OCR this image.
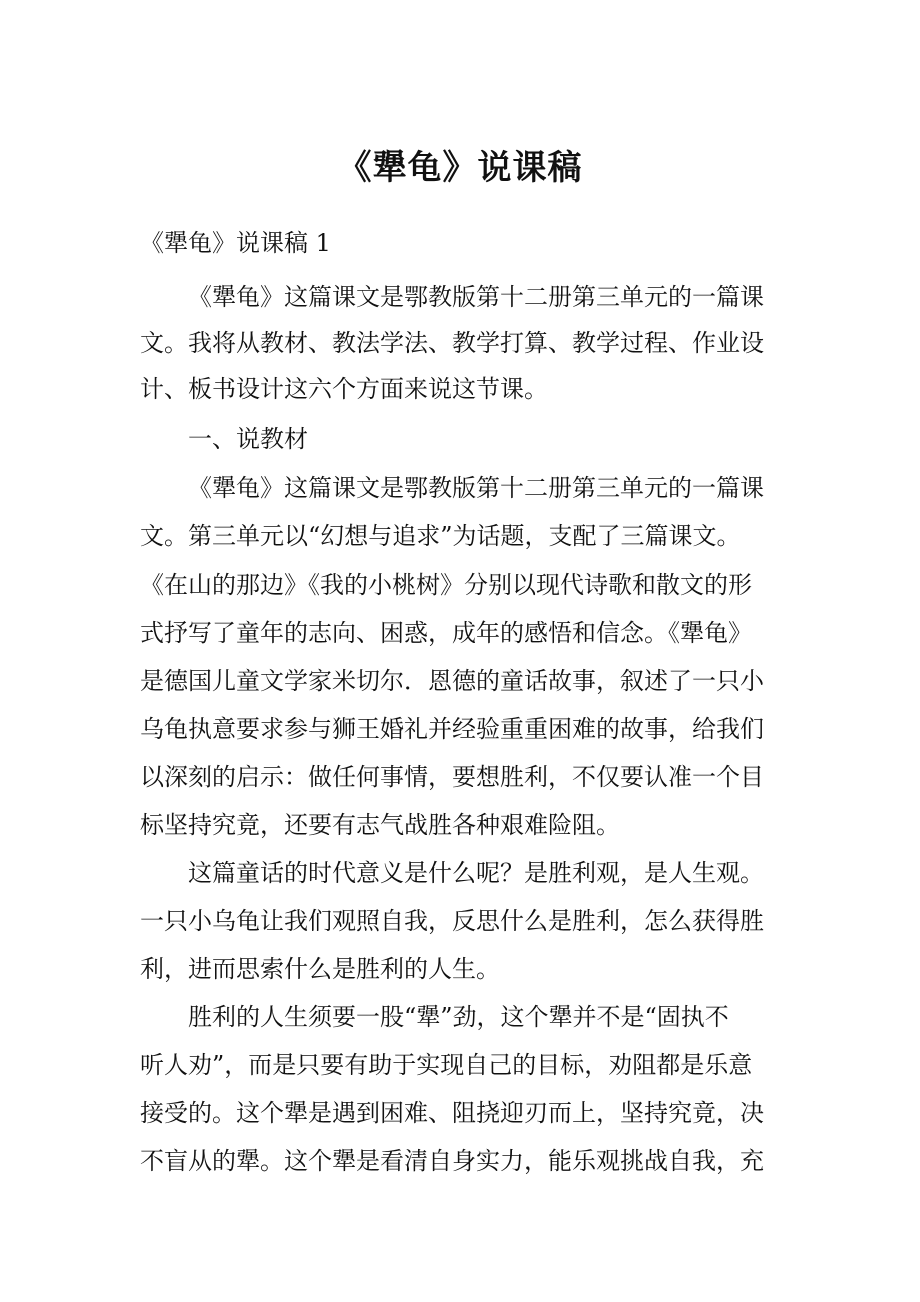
《犟龟》说课稿

《犟龟》说课稿 1

《犟龟》这篇课文是鄂教版第十二册第三单元的一篇课

文。我将从教材、教法学法、教学打算、教学过程、作业设

计、板书设计这六个方面来说这节课。

一、说教材

《犟龟》这篇课文是鄂教版第十二册第三单元的一篇课

文。第三单元以“幻想与追求”为话题，支配了三篇课文。

《在山的那边》《我的小桃树》分别以现代诗歌和散文的形

式抒写了童年的志向、困惑，成年的感悟和信念。《犟龟》

是德国儿童文学家米切尔．恩德的童话故事，叙述了一只小

乌龟执意要求参与狮王婚礼并经验重重困难的故事，给我们

以深刻的启示：做任何事情，要想胜利，不仅要认准一个目

标坚持究竟，还要有志气战胜各种艰难险阻。

这篇童话的时代意义是什么呢？是胜利观，是人生观。

一只小乌龟让我们观照自我，反思什么是胜利，怎么获得胜

利，进而思索什么是胜利的人生。

胜利的人生须要一股“犟”劲，这个犟并不是“固执不

听人劝”，而是只要有助于实现自己的目标，劝阻都是乐意

接受的。这个犟是遇到困难、阻挠迎刃而上，坚持究竟，决

不盲从的犟。这个犟是看清自身实力，能乐观挑战自我，充
